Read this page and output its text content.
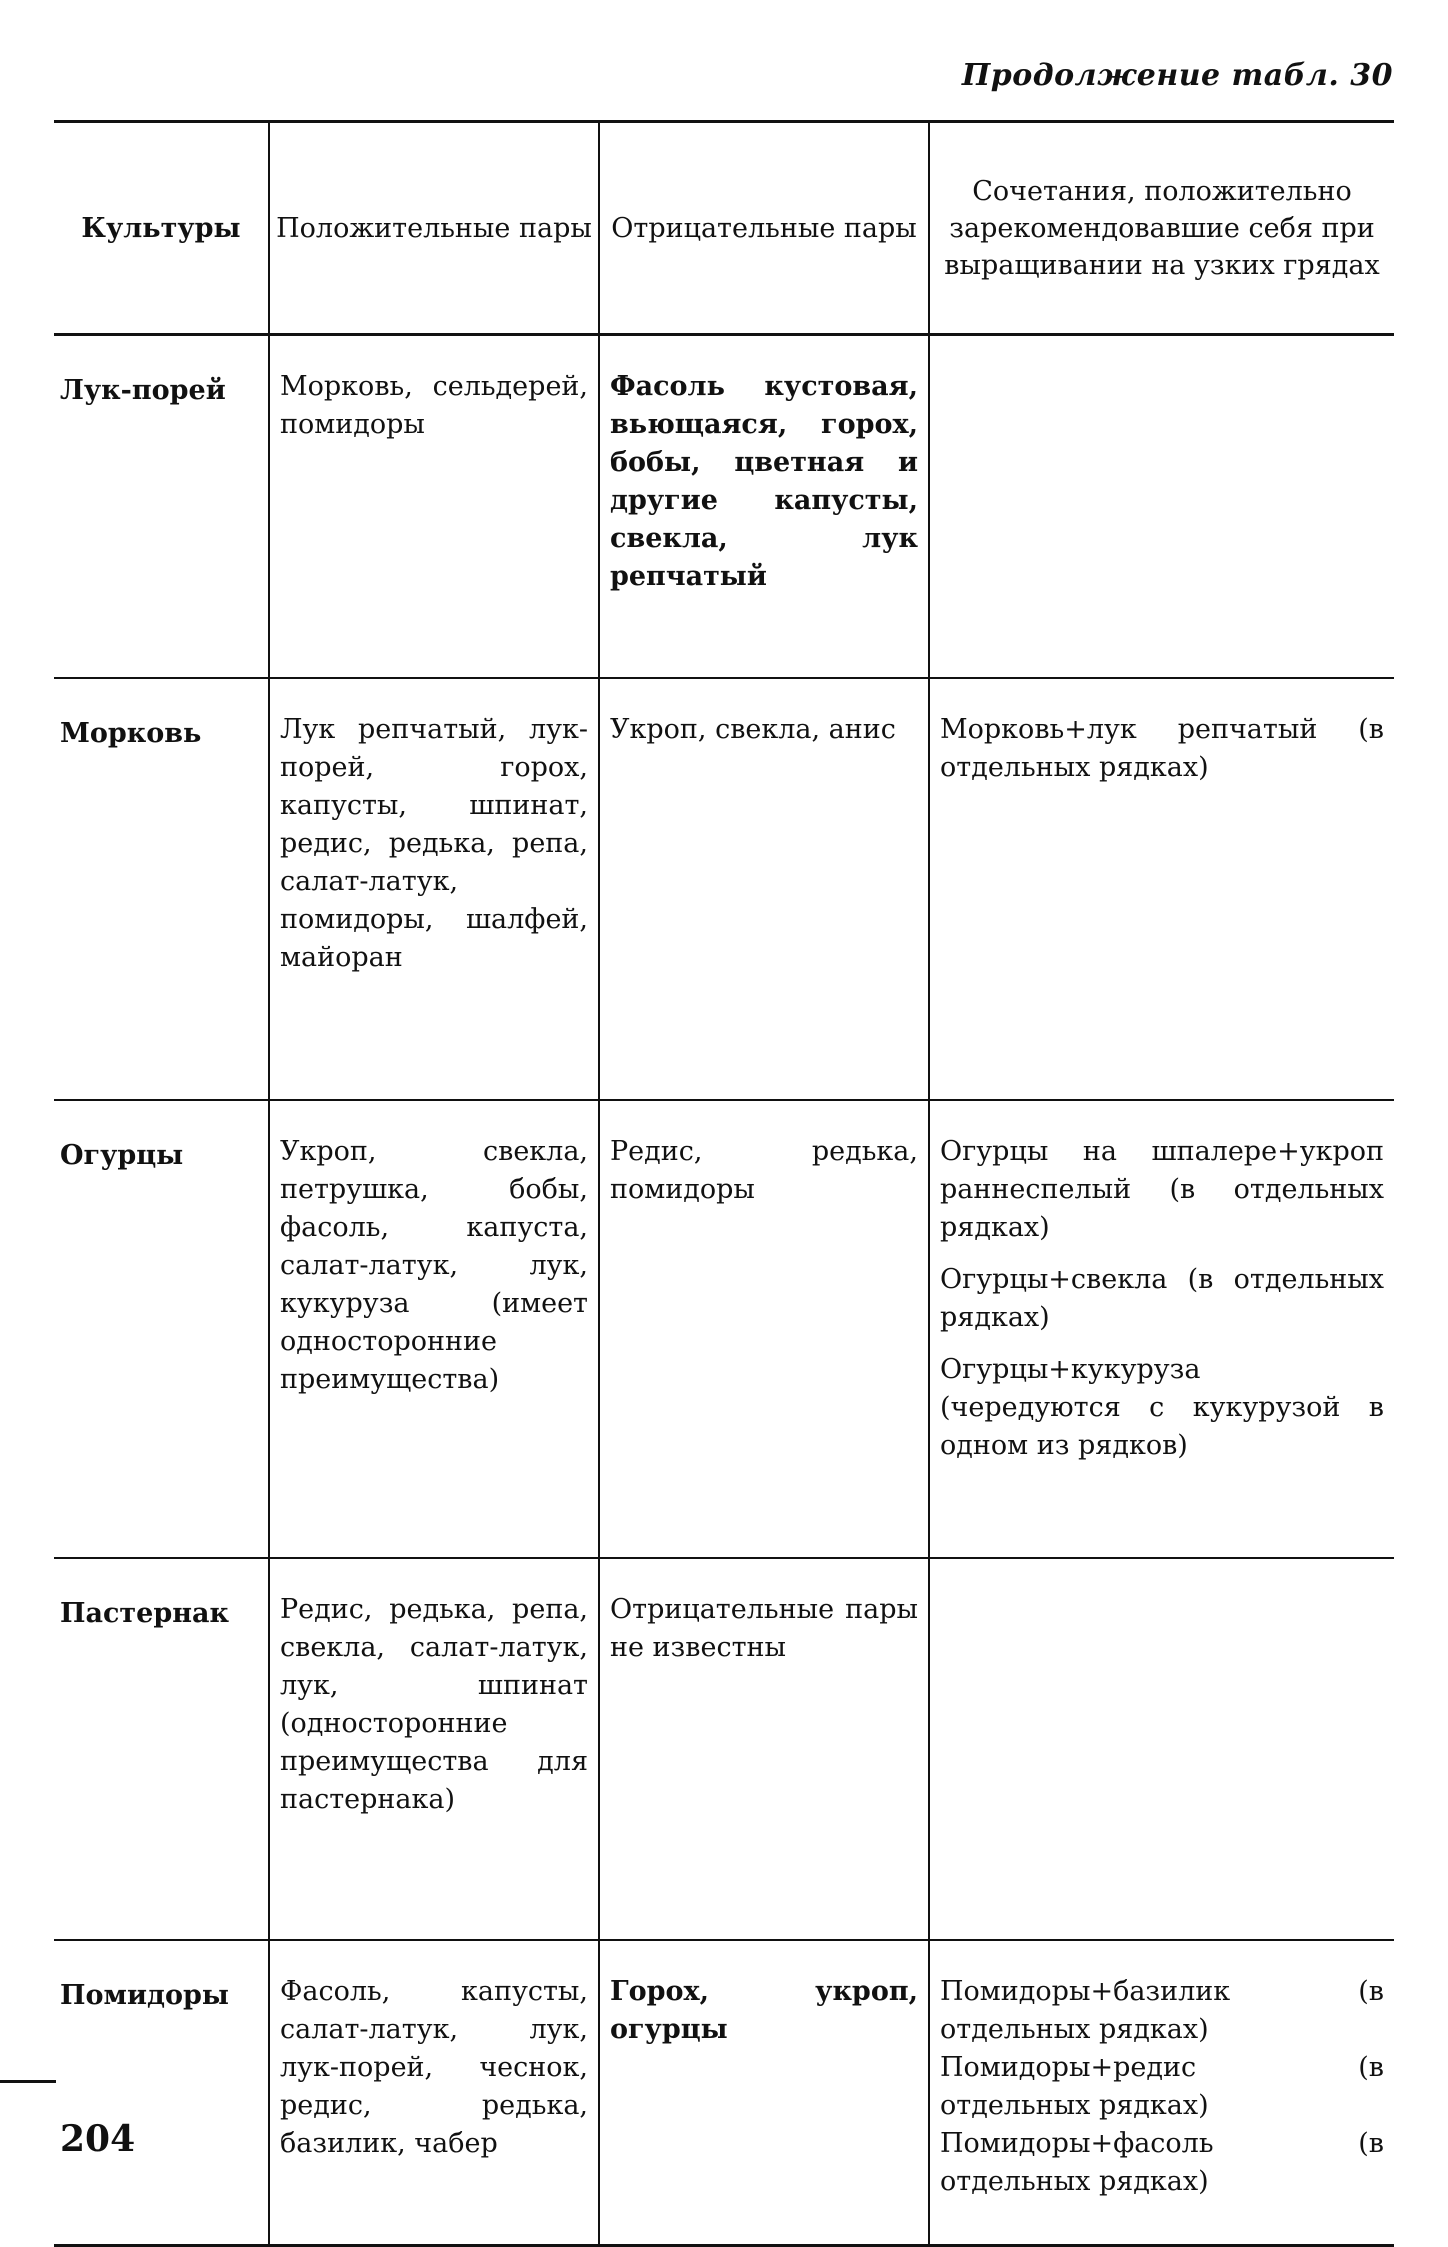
Продолжение табл. 30
Культуры	Положительные пары	Отрицательные пары	Сочетания, положительно зарекомендовавшие себя при выращивании на узких грядах
Лук-порей	Морковь, сельдерей, помидоры	Фасоль кустовая, вьющаяся, горох, бобы, цветная и другие капусты, свекла, лук репчатый	
Морковь	Лук репчатый, лук-порей, горох, капусты, шпинат, редис, редька, репа, салат-латук, помидоры, шалфей, майоран	Укроп, свекла, анис	Морковь+лук репчатый (в отдельных рядках)

Огурцы	Укроп, свекла, петрушка, бобы, фасоль, капуста, салат-латук, лук, кукуруза (имеет односторонние преимущества)	Редис, редька, помидоры	Огурцы на шпалере+укроп раннеспелый (в отдельных рядках)
Огурцы+свекла (в отдельных рядках)
Огурцы+кукуруза (чередуются с кукурузой в одном из рядков)

Пастернак	Редис, редька, репа, свекла, салат-латук, лук, шпинат (односторонние преимущества для пастернака)	Отрицательные пары не известны	
Помидоры	Фасоль, капусты, салат-латук, лук, лук-порей, чеснок, редис, редька, базилик, чабер	Горох, укроп, огурцы	Помидоры+базилик (в отдельных рядках)
Помидоры+редис (в отдельных рядках)
Помидоры+фасоль (в отдельных рядках)
204
